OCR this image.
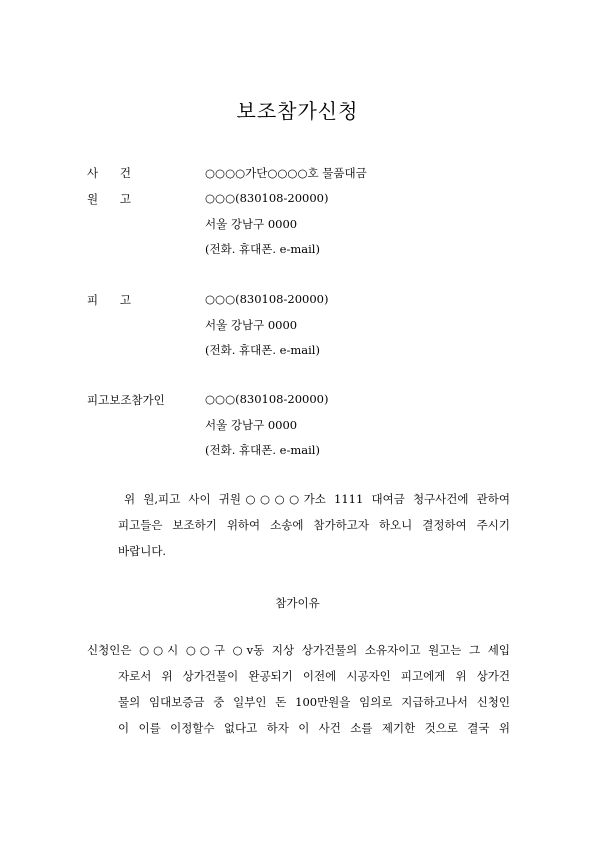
보조참가신청
사 건	○○○○가단○○○○호 물품대금
원 고	○○○(830108-20000)
서울 강남구 0000
(전화. 휴대폰. e-mail)
피 고	○○○(830108-20000)
서울 강남구 0000
(전화. 휴대폰. e-mail)
피고보조참가인	○○○(830108-20000)
서울 강남구 0000
(전화. 휴대폰. e-mail)
위 원,피고 사이 귀원○○○○가소 1111 대여금 청구사건에 관하여
피고들은 보조하기 위하여 소송에 참가하고자 하오니 결정하여 주시기
바랍니다.
참가이유
신청인은 ○○시 ○○구 ○v동 지상 상가건물의 소유자이고 원고는 그 세입
자로서 위 상가건물이 완공되기 이전에 시공자인 피고에게 위 상가건
물의 임대보증금 중 일부인 돈 100만원을 임의로 지급하고나서 신청인
이 이를 이정할수 없다고 하자 이 사건 소를 제기한 것으로 결국 위
